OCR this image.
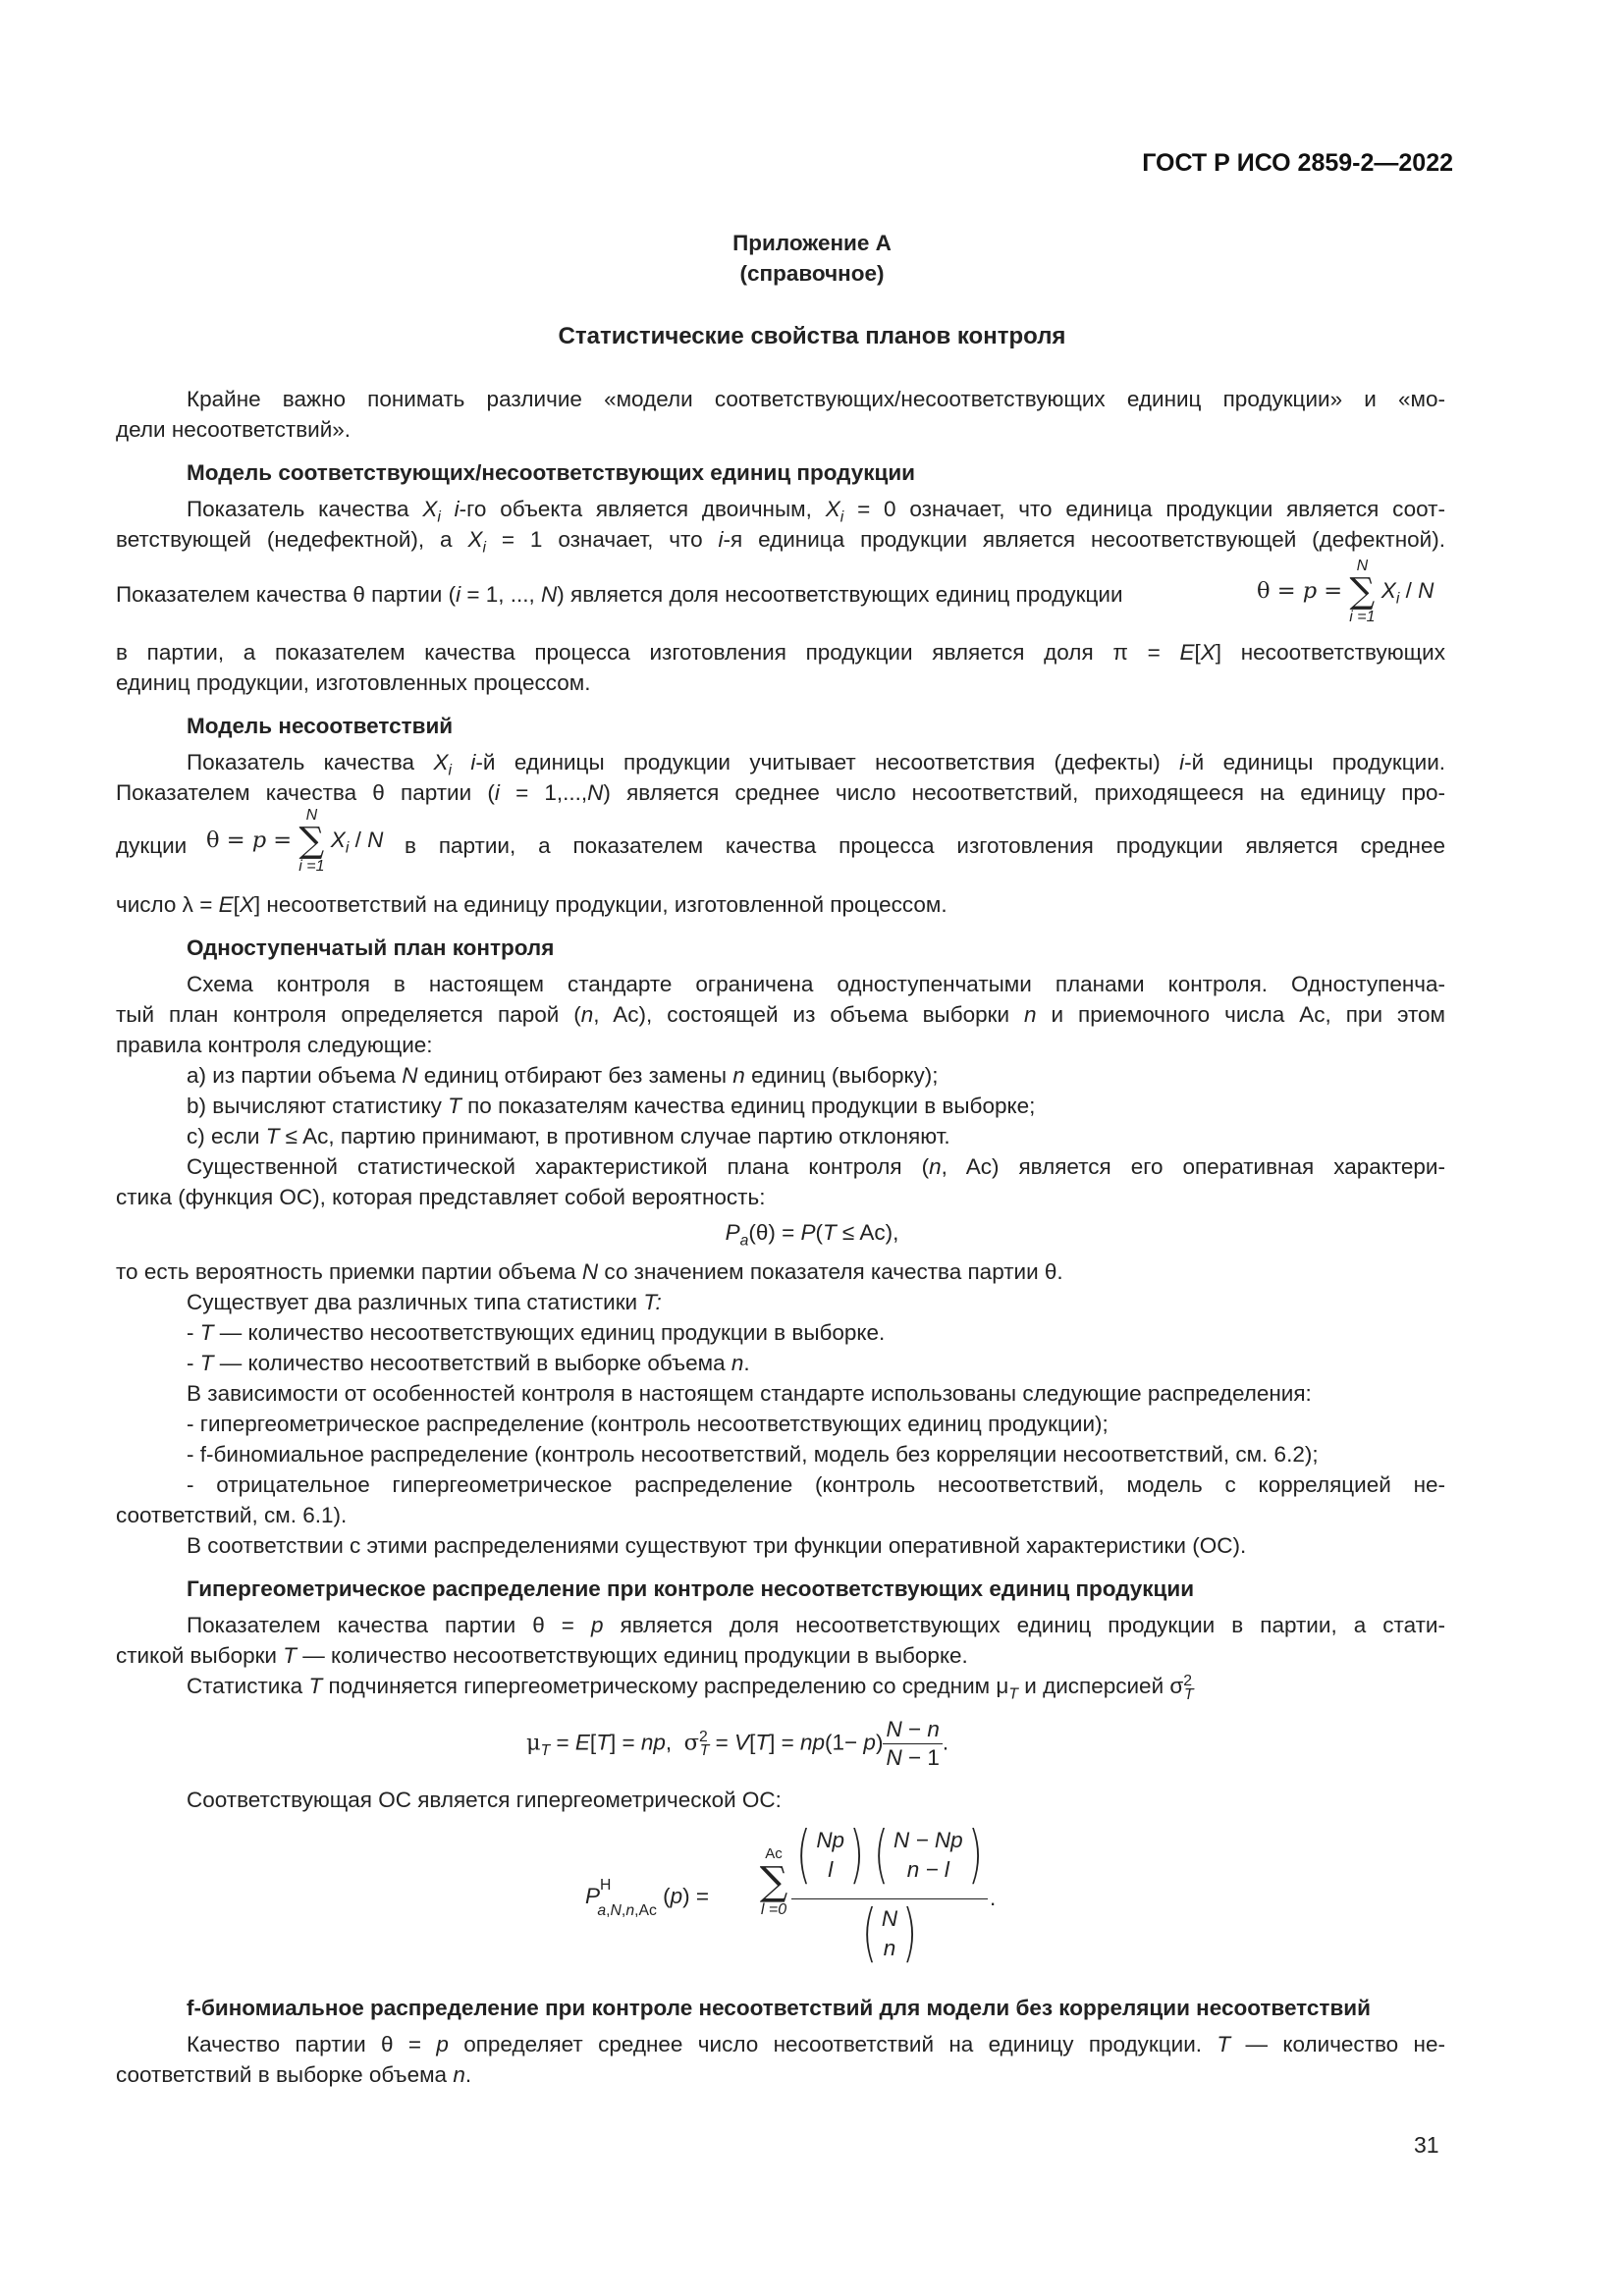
ГОСТ Р ИСО 2859-2—2022
Приложение А
(справочное)
Статистические свойства планов контроля
Крайне важно понимать различие «модели соответствующих/несоответствующих единиц продукции» и «мо-
дели несоответствий».
Модель соответствующих/несоответствующих единиц продукции
Показатель качества $X_i$ i-го объекта является двоичным, $X_i = 0$ означает, что единица продукции является соот-
ветствующей (недефектной), а $X_i = 1$ означает, что i-я единица продукции является несоответствующей (дефектной).
Показателем качества θ партии (i = 1, ..., N) является доля несоответствующих единиц продукции	θ = p =
N
∑
i =1
$X_i$ / N
в партии, а показателем качества процесса изготовления продукции является доля π = E[X] несоответствующих
единиц продукции, изготовленных процессом.
Модель несоответствий
Показатель качества $X_i$ i-й единицы продукции учитывает несоответствия (дефекты) i-й единицы продукции.
Показателем качества θ партии (i = 1,...,N) является среднее число несоответствий, приходящееся на единицу про-
дукции θ = p =
N
∑
i =1
$X_i$ / N в партии, а показателем качества процесса изготовления продукции является среднее
число λ = E[X] несоответствий на единицу продукции, изготовленной процессом.
Одноступенчатый план контроля
Схема контроля в настоящем стандарте ограничена одноступенчатыми планами контроля. Одноступенча-
тый план контроля определяется парой (n, Ac), состоящей из объема выборки n и приемочного числа Ac, при этом
правила контроля следующие:
a) из партии объема N единиц отбирают без замены n единиц (выборку);
b) вычисляют статистику T по показателям качества единиц продукции в выборке;
c) если T ≤ Ac, партию принимают, в противном случае партию отклоняют.
Существенной статистической характеристикой плана контроля (n, Ac) является его оперативная характери-
стика (функция ОС), которая представляет собой вероятность:
$P_a(\theta) = P(T \le Ac)$,
то есть вероятность приемки партии объема N со значением показателя качества партии θ.
Существует два различных типа статистики T:
- T — количество несоответствующих единиц продукции в выборке.
- T — количество несоответствий в выборке объема n.
В зависимости от особенностей контроля в настоящем стандарте использованы следующие распределения:
- гипергеометрическое распределение (контроль несоответствующих единиц продукции);
- f-биномиальное распределение (контроль несоответствий, модель без корреляции несоответствий, см. 6.2);
- отрицательное гипергеометрическое распределение (контроль несоответствий, модель с корреляцией не-
соответствий, см. 6.1).
В соответствии с этими распределениями существуют три функции оперативной характеристики (ОС).
Гипергеометрическое распределение при контроле несоответствующих единиц продукции
Показателем качества партии θ = p является доля несоответствующих единиц продукции в партии, а стати-
стикой выборки T — количество несоответствующих единиц продукции в выборке.
Статистика T подчиняется гипергеометрическому распределению со средним $\mu_T$ и дисперсией $\sigma^2_T$
$\mu_T = E[T]$ = np,  $\sigma^2_T = V[T] = np(1- p) \frac{N - n}{N - 1}$ .
Соответствующая ОС является гипергеометрической ОС:
$P^H_{a,N,n,Ac}$ (p) =
Ac
∑
l =0
( Np
l ) ( N − Np
n − l )
( N
n )	.
f-биномиальное распределение при контроле несоответствий для модели без корреляции несоответствий
Качество партии θ = p определяет среднее число несоответствий на единицу продукции. T — количество не-
соответствий в выборке объема n.
31
